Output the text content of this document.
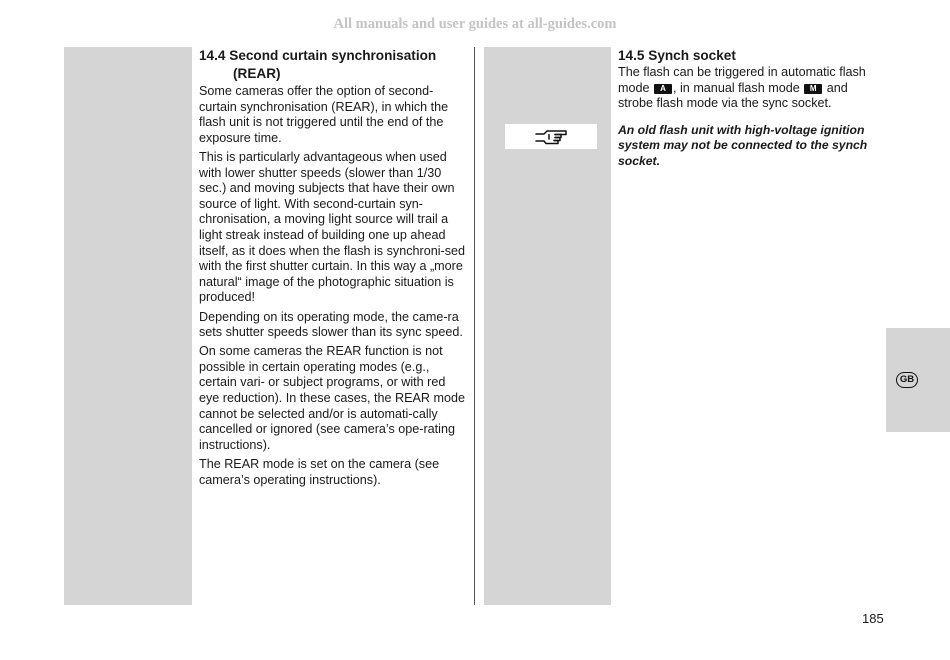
All manuals and user guides at all-guides.com
GB
14.4 Second curtain synchronisation (REAR)

Some cameras offer the option of second-curtain synchronisation (REAR), in which the flash unit is not triggered until the end of the exposure time.

This is particularly advantageous when used with lower shutter speeds (slower than 1/30 sec.) and moving subjects that have their own source of light. With second-curtain syn-chronisation, a moving light source will trail a light streak instead of building one up ahead itself, as it does when the flash is synchroni-sed with the first shutter curtain. In this way a „more natural“ image of the photographic situation is produced!

Depending on its operating mode, the came-ra sets shutter speeds slower than its sync speed.

On some cameras the REAR function is not possible in certain operating modes (e.g., certain vari- or subject programs, or with red eye reduction). In these cases, the REAR mode cannot be selected and/or is automati-cally cancelled or ignored (see camera’s ope-rating instructions).

The REAR mode is set on the camera (see camera’s operating instructions).

14.5 Synch socket

The flash can be triggered in automatic flash mode A , in manual flash mode M and strobe flash mode via the sync socket.

An old flash unit with high-voltage ignition system may not be connected to the synch socket.

185
